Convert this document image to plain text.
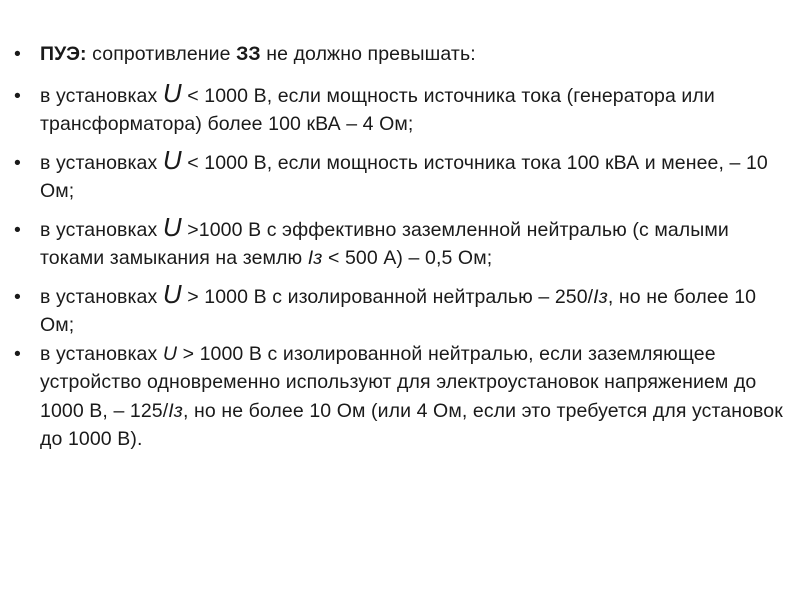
• ПУЭ: сопротивление ЗЗ не должно превышать:
• в установках U < 1000 В, если мощность источника тока (генератора или трансформатора) более 100 кВА – 4 Ом;
• в установках U < 1000 В, если мощность источника тока 100 кВА и менее, – 10 Ом;
• в установках U >1000 В с эффективно заземленной нейтралью (с малыми токами замыкания на землю Iз < 500 А) – 0,5 Ом;
• в установках U > 1000 В с изолированной нейтралью – 250/Iз, но не более 10 Ом;
• в установках U > 1000 В с изолированной нейтралью, если заземляющее устройство одновременно используют для электроустановок напряжением до 1000 В, – 125/Iз, но не более 10 Ом (или 4 Ом, если это требуется для установок до 1000 В).
